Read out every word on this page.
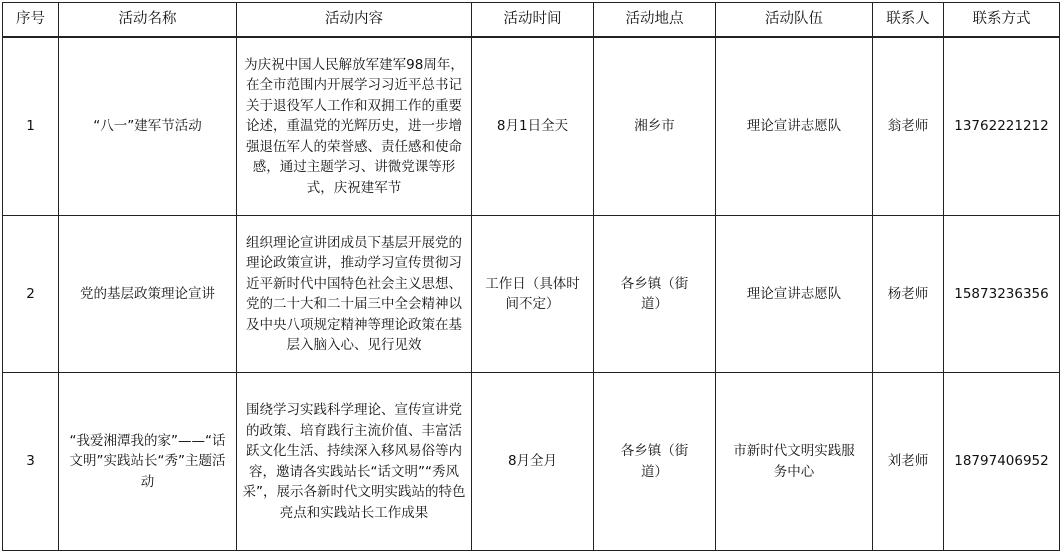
序号	活动名称	活动内容	活动时间	活动地点	活动队伍	联系人	联系方式
1	“八一”建军节活动	为庆祝中国人民解放军建军98周年，在全市范围内开展学习习近平总书记关于退役军人工作和双拥工作的重要论述，重温党的光辉历史，进一步增强退伍军人的荣誉感、责任感和使命感，通过主题学习、讲微党课等形式，庆祝建军节	8月1日全天	湘乡市	理论宣讲志愿队	翁老师	13762221212
2	党的基层政策理论宣讲	组织理论宣讲团成员下基层开展党的理论政策宣讲，推动学习宣传贯彻习近平新时代中国特色社会主义思想、党的二十大和二十届三中全会精神以及中央八项规定精神等理论政策在基层入脑入心、见行见效	工作日（具体时间不定）	各乡镇（街道）	理论宣讲志愿队	杨老师	15873236356
3	“我爱湘潭我的家”——“话文明”实践站长“秀”主题活动	围绕学习实践科学理论、宣传宣讲党的政策、培育践行主流价值、丰富活跃文化生活、持续深入移风易俗等内容，邀请各实践站长“话文明”“秀风采”，展示各新时代文明实践站的特色亮点和实践站长工作成果	8月全月	各乡镇（街道）	市新时代文明实践服务中心	刘老师	18797406952
